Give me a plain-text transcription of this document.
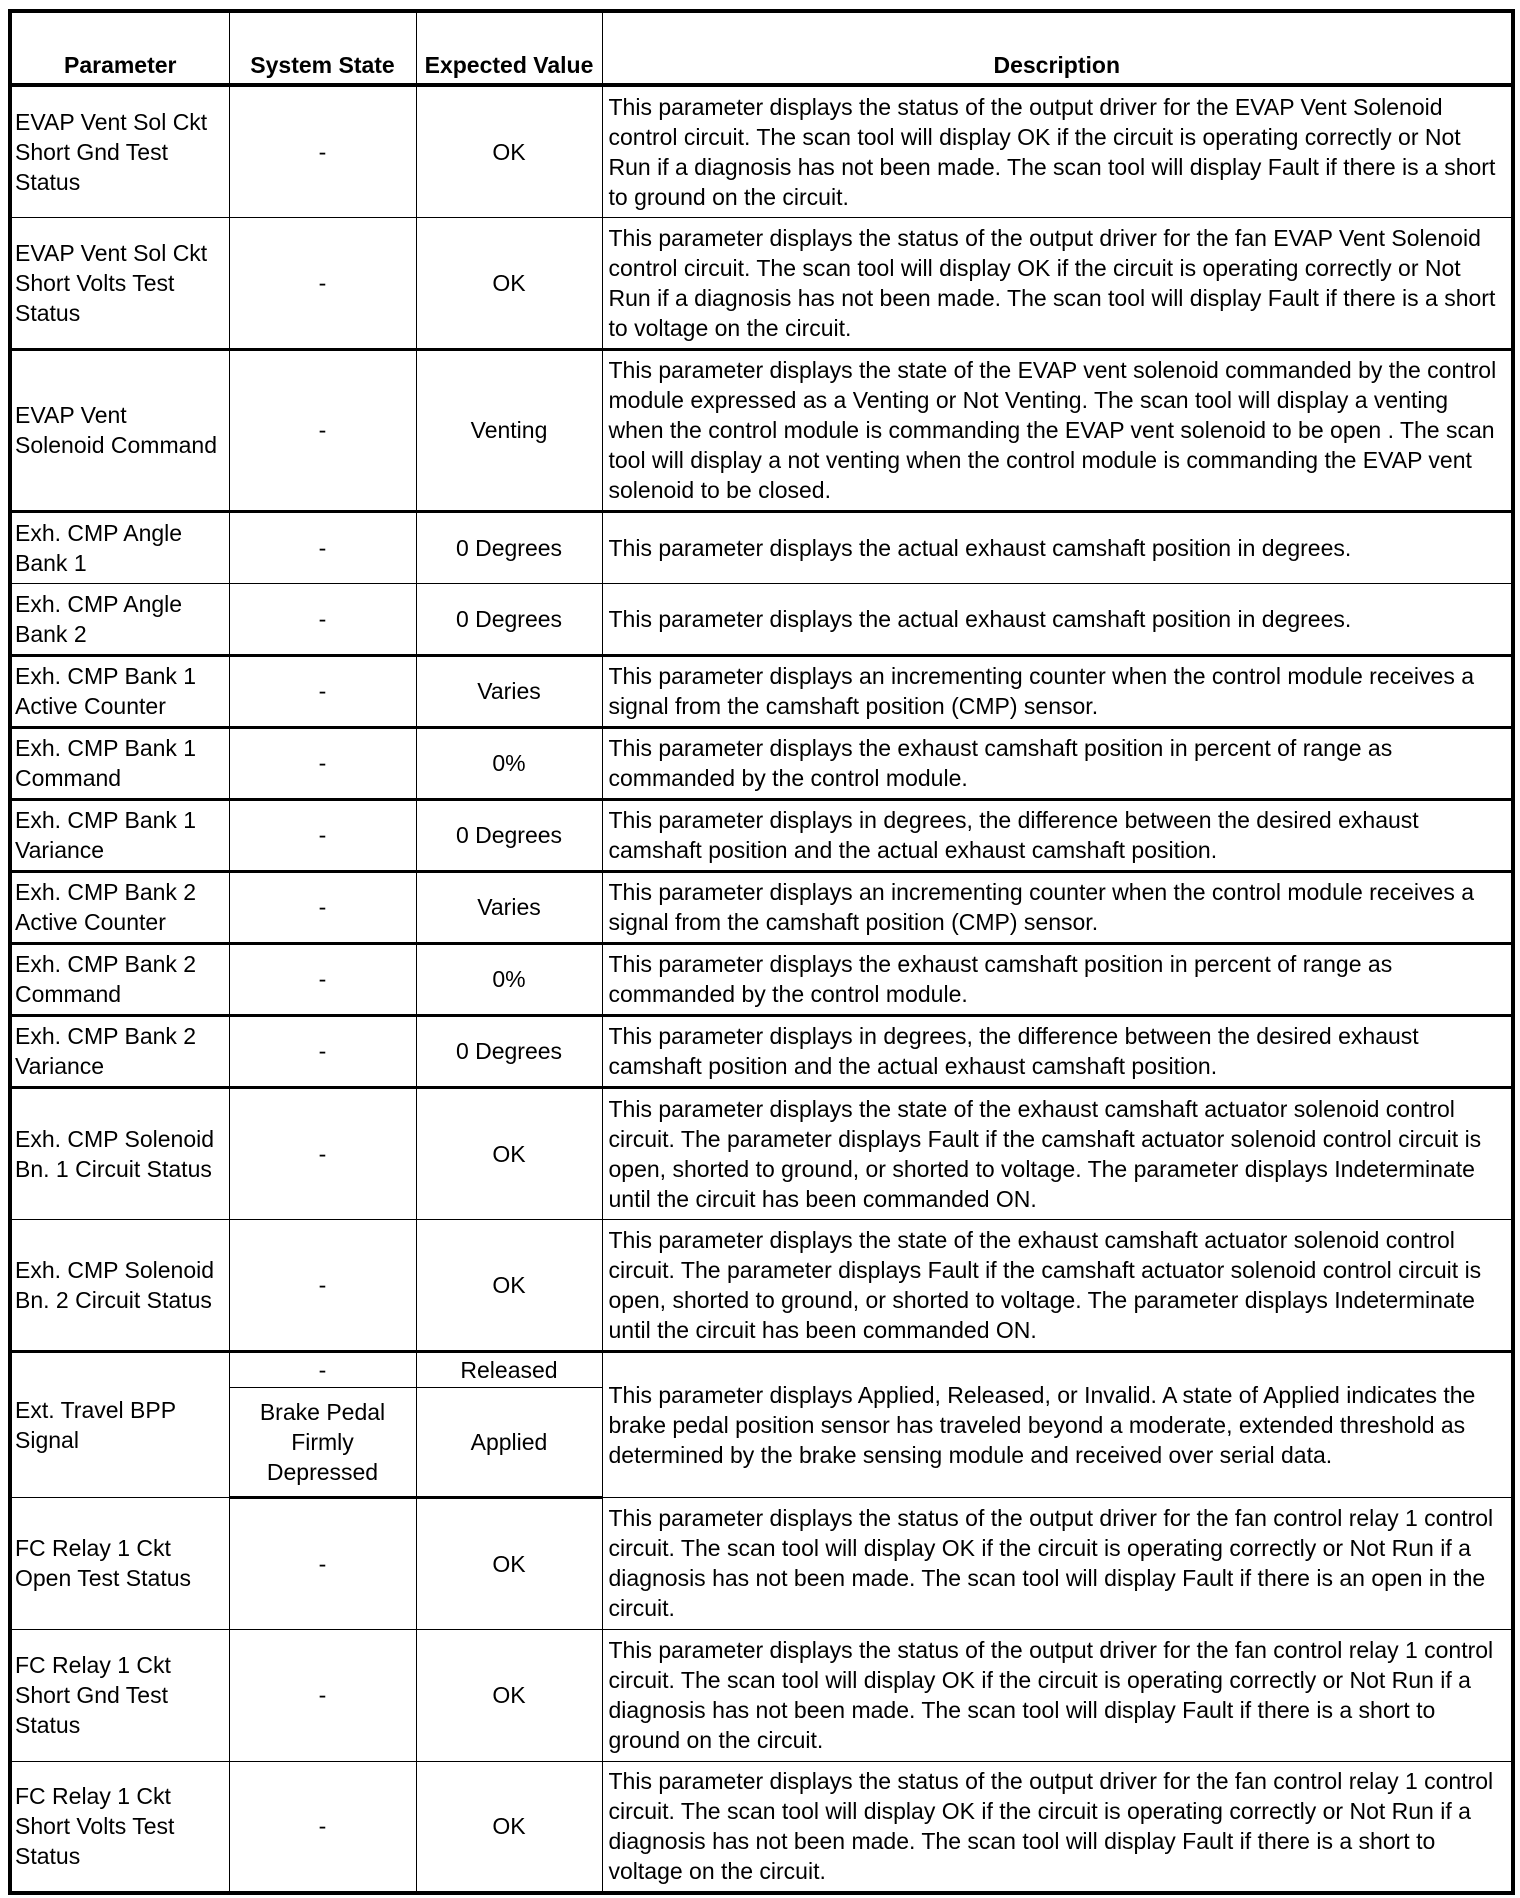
Parameter	System State	Expected Value	Description
EVAP Vent Sol Ckt Short Gnd Test Status	-	OK	This parameter displays the status of the output driver for the EVAP Vent Solenoid control circuit. The scan tool will display OK if the circuit is operating correctly or Not Run if a diagnosis has not been made. The scan tool will display Fault if there is a short to ground on the circuit.
EVAP Vent Sol Ckt Short Volts Test Status	-	OK	This parameter displays the status of the output driver for the fan EVAP Vent Solenoid control circuit. The scan tool will display OK if the circuit is operating correctly or Not Run if a diagnosis has not been made. The scan tool will display Fault if there is a short to voltage on the circuit.
EVAP Vent Solenoid Command	-	Venting	This parameter displays the state of the EVAP vent solenoid commanded by the control module expressed as a Venting or Not Venting. The scan tool will display a venting when the control module is commanding the EVAP vent solenoid to be open . The scan tool will display a not venting when the control module is commanding the EVAP vent solenoid to be closed.
Exh. CMP Angle Bank 1	-	0 Degrees	This parameter displays the actual exhaust camshaft position in degrees.
Exh. CMP Angle Bank 2	-	0 Degrees	This parameter displays the actual exhaust camshaft position in degrees.
Exh. CMP Bank 1 Active Counter	-	Varies	This parameter displays an incrementing counter when the control module receives a signal from the camshaft position (CMP) sensor.
Exh. CMP Bank 1 Command	-	0%	This parameter displays the exhaust camshaft position in percent of range as commanded by the control module.
Exh. CMP Bank 1 Variance	-	0 Degrees	This parameter displays in degrees, the difference between the desired exhaust camshaft position and the actual exhaust camshaft position.
Exh. CMP Bank 2 Active Counter	-	Varies	This parameter displays an incrementing counter when the control module receives a signal from the camshaft position (CMP) sensor.
Exh. CMP Bank 2 Command	-	0%	This parameter displays the exhaust camshaft position in percent of range as commanded by the control module.
Exh. CMP Bank 2 Variance	-	0 Degrees	This parameter displays in degrees, the difference between the desired exhaust camshaft position and the actual exhaust camshaft position.
Exh. CMP Solenoid Bn. 1 Circuit Status	-	OK	This parameter displays the state of the exhaust camshaft actuator solenoid control circuit. The parameter displays Fault if the camshaft actuator solenoid control circuit is open, shorted to ground, or shorted to voltage. The parameter displays Indeterminate until the circuit has been commanded ON.
Exh. CMP Solenoid Bn. 2 Circuit Status	-	OK	This parameter displays the state of the exhaust camshaft actuator solenoid control circuit. The parameter displays Fault if the camshaft actuator solenoid control circuit is open, shorted to ground, or shorted to voltage. The parameter displays Indeterminate until the circuit has been commanded ON.
Ext. Travel BPP Signal	-	Released	This parameter displays Applied, Released, or Invalid. A state of Applied indicates the brake pedal position sensor has traveled beyond a moderate, extended threshold as determined by the brake sensing module and received over serial data.
	Brake Pedal Firmly Depressed	Applied	
FC Relay 1 Ckt Open Test Status	-	OK	This parameter displays the status of the output driver for the fan control relay 1 control circuit. The scan tool will display OK if the circuit is operating correctly or Not Run if a diagnosis has not been made. The scan tool will display Fault if there is an open in the circuit.
FC Relay 1 Ckt Short Gnd Test Status	-	OK	This parameter displays the status of the output driver for the fan control relay 1 control circuit. The scan tool will display OK if the circuit is operating correctly or Not Run if a diagnosis has not been made. The scan tool will display Fault if there is a short to ground on the circuit.
FC Relay 1 Ckt Short Volts Test Status	-	OK	This parameter displays the status of the output driver for the fan control relay 1 control circuit. The scan tool will display OK if the circuit is operating correctly or Not Run if a diagnosis has not been made. The scan tool will display Fault if there is a short to voltage on the circuit.
